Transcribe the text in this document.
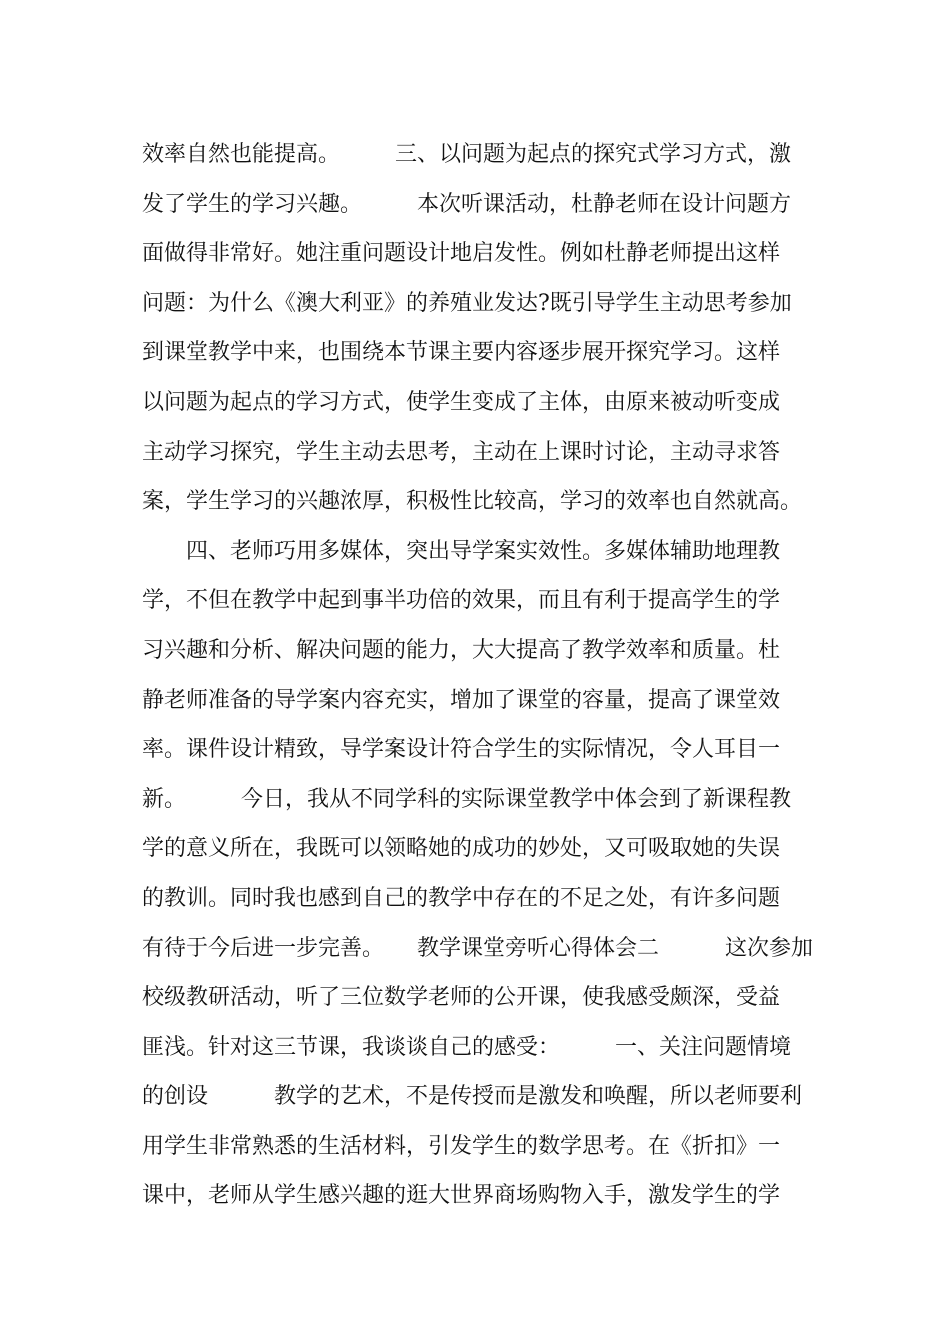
效率自然也能提高。　　　三、以问题为起点的探究式学习方式，激
发了学生的学习兴趣。　　　本次听课活动，杜静老师在设计问题方
面做得非常好。她注重问题设计地启发性。例如杜静老师提出这样
问题：为什么《澳大利亚》的养殖业发达?既引导学生主动思考参加
到课堂教学中来，也围绕本节课主要内容逐步展开探究学习。这样
以问题为起点的学习方式，使学生变成了主体，由原来被动听变成
主动学习探究，学生主动去思考，主动在上课时讨论，主动寻求答
案，学生学习的兴趣浓厚，积极性比较高，学习的效率也自然就高。
　　四、老师巧用多媒体，突出导学案实效性。多媒体辅助地理教
学，不但在教学中起到事半功倍的效果，而且有利于提高学生的学
习兴趣和分析、解决问题的能力，大大提高了教学效率和质量。杜
静老师准备的导学案内容充实，增加了课堂的容量，提高了课堂效
率。课件设计精致，导学案设计符合学生的实际情况，令人耳目一
新。　　　今日，我从不同学科的实际课堂教学中体会到了新课程教
学的意义所在，我既可以领略她的成功的妙处，又可吸取她的失误
的教训。同时我也感到自己的教学中存在的不足之处，有许多问题
有待于今后进一步完善。　　教学课堂旁听心得体会二　　　这次参加
校级教研活动，听了三位数学老师的公开课，使我感受颇深，受益
匪浅。针对这三节课，我谈谈自己的感受：　　　一、关注问题情境
的创设　　　教学的艺术，不是传授而是激发和唤醒，所以老师要利
用学生非常熟悉的生活材料，引发学生的数学思考。在《折扣》一
课中，老师从学生感兴趣的逛大世界商场购物入手，激发学生的学
